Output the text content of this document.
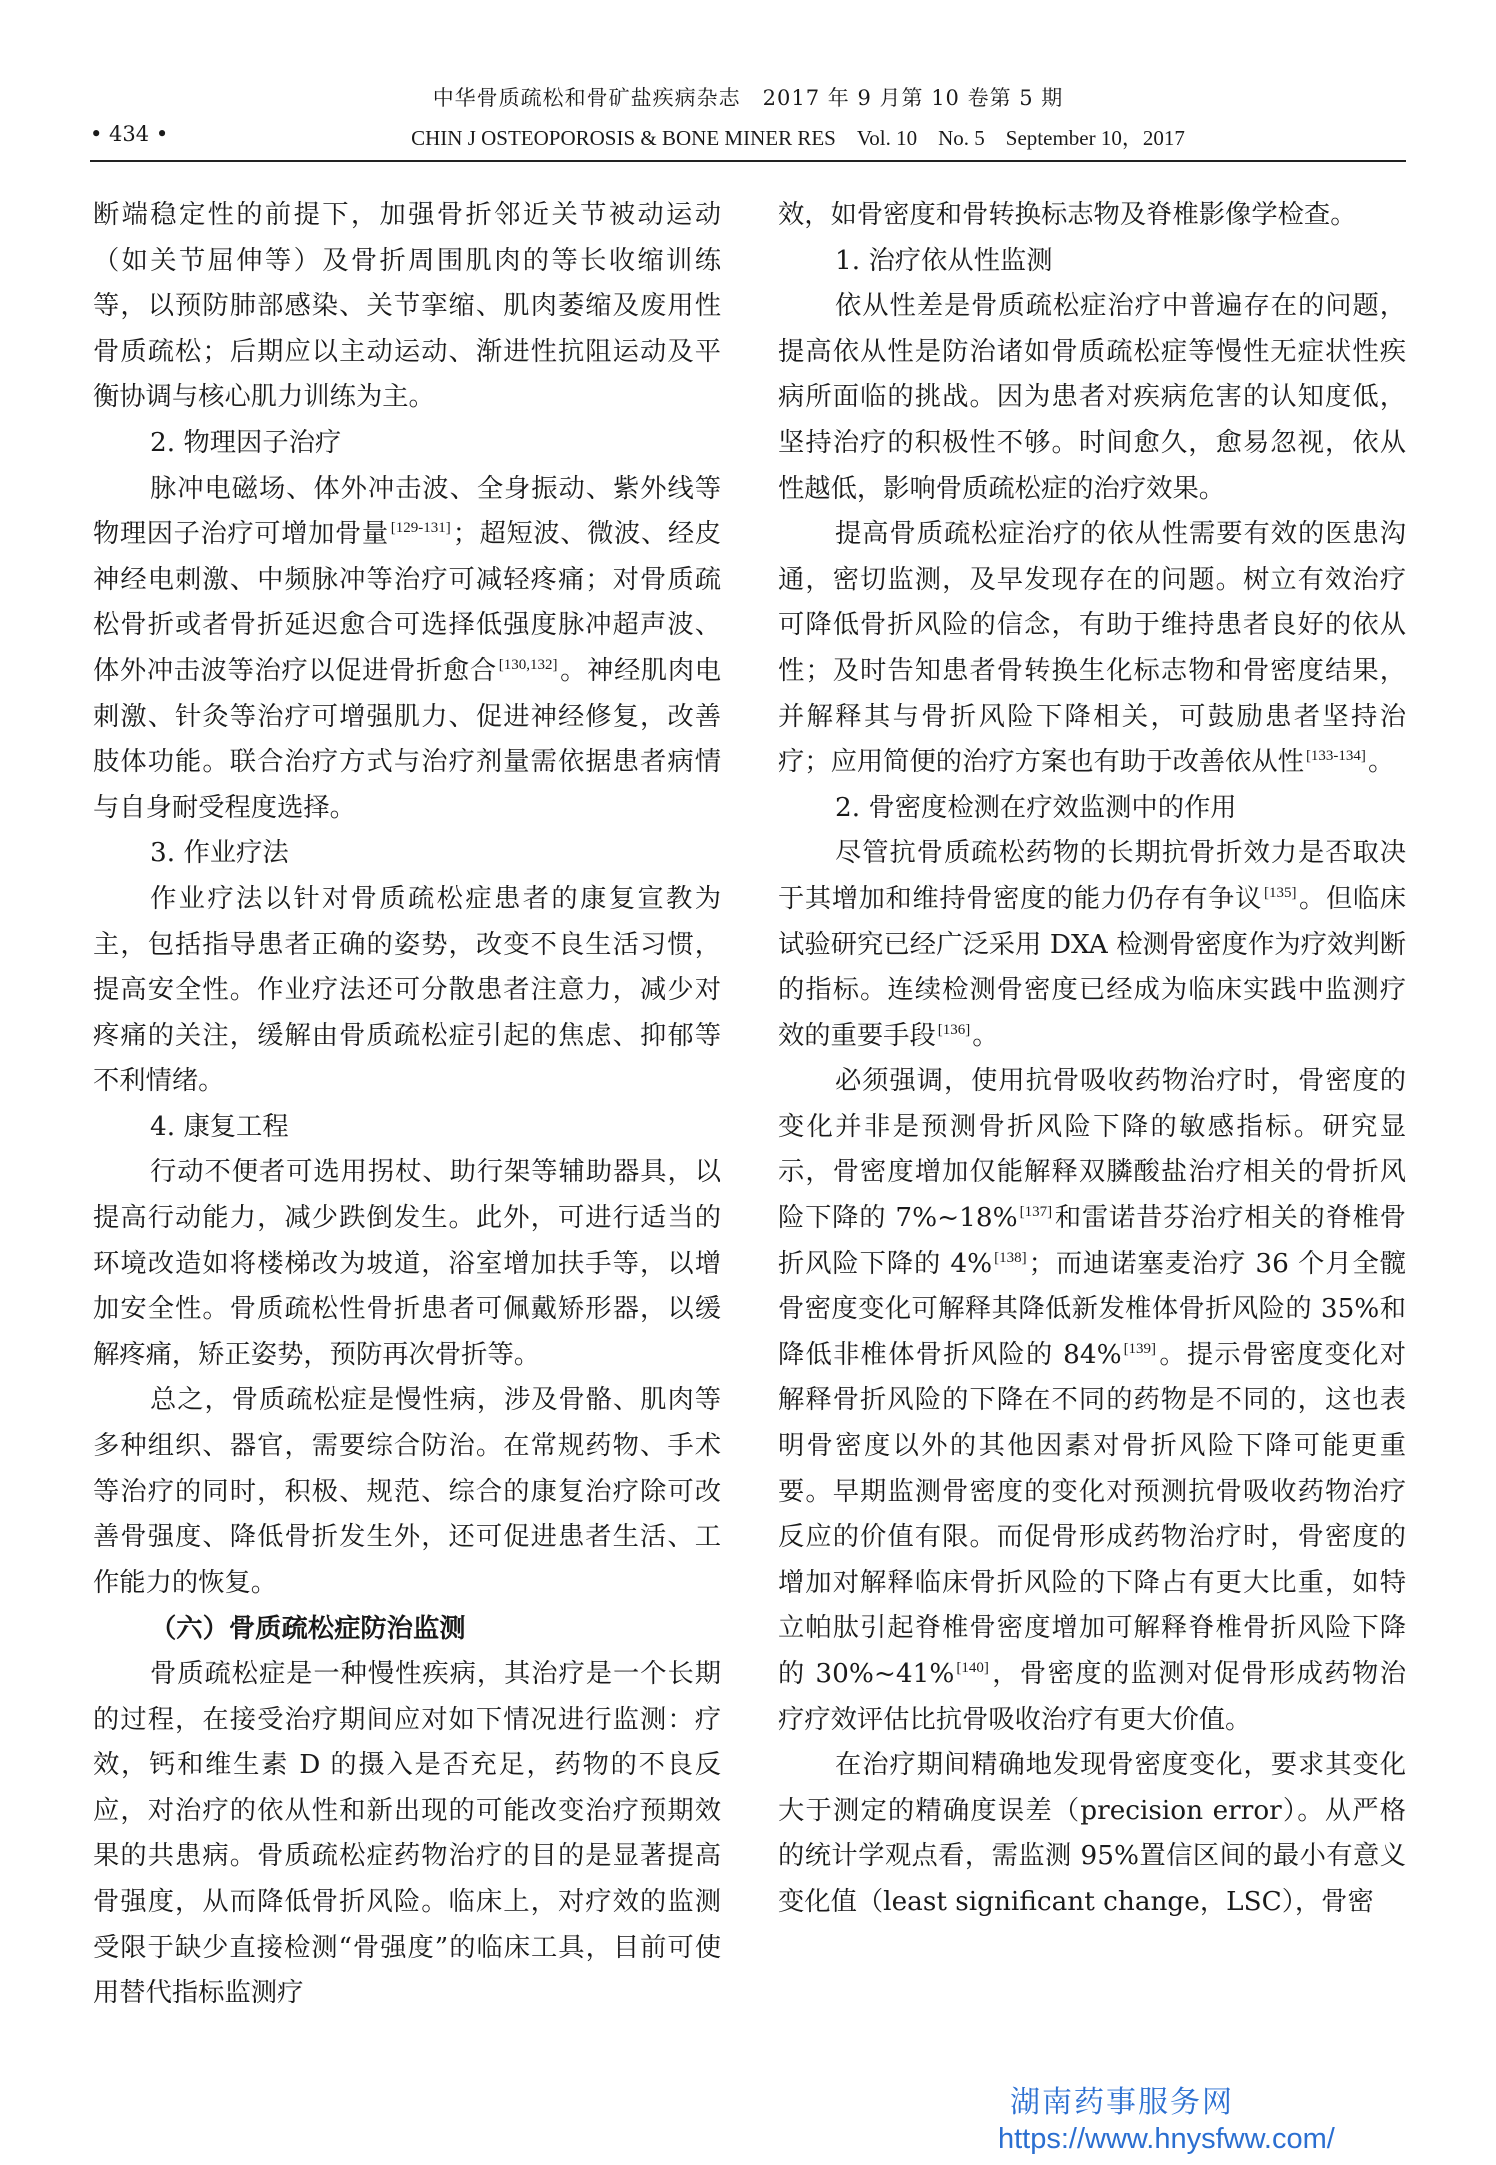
中华骨质疏松和骨矿盐疾病杂志　2017 年 9 月第 10 卷第 5 期
• 434 •	CHIN J OSTEOPOROSIS & BONE MINER RES　Vol. 10　No. 5　September 10，2017

断端稳定性的前提下，加强骨折邻近关节被动运动（如关节屈伸等）及骨折周围肌肉的等长收缩训练等，以预防肺部感染、关节挛缩、肌肉萎缩及废用性骨质疏松；后期应以主动运动、渐进性抗阻运动及平衡协调与核心肌力训练为主。

2. 物理因子治疗

脉冲电磁场、体外冲击波、全身振动、紫外线等物理因子治疗可增加骨量 [129-131]；超短波、微波、经皮神经电刺激、中频脉冲等治疗可减轻疼痛；对骨质疏松骨折或者骨折延迟愈合可选择低强度脉冲超声波、体外冲击波等治疗以促进骨折愈合 [130,132]。神经肌肉电刺激、针灸等治疗可增强肌力、促进神经修复，改善肢体功能。联合治疗方式与治疗剂量需依据患者病情与自身耐受程度选择。

3. 作业疗法

作业疗法以针对骨质疏松症患者的康复宣教为主，包括指导患者正确的姿势，改变不良生活习惯，提高安全性。作业疗法还可分散患者注意力，减少对疼痛的关注，缓解由骨质疏松症引起的焦虑、抑郁等不利情绪。

4. 康复工程

行动不便者可选用拐杖、助行架等辅助器具，以提高行动能力，减少跌倒发生。此外，可进行适当的环境改造如将楼梯改为坡道，浴室增加扶手等，以增加安全性。骨质疏松性骨折患者可佩戴矫形器，以缓解疼痛，矫正姿势，预防再次骨折等。

总之，骨质疏松症是慢性病，涉及骨骼、肌肉等多种组织、器官，需要综合防治。在常规药物、手术等治疗的同时，积极、规范、综合的康复治疗除可改善骨强度、降低骨折发生外，还可促进患者生活、工作能力的恢复。

（六）骨质疏松症防治监测

骨质疏松症是一种慢性疾病，其治疗是一个长期的过程，在接受治疗期间应对如下情况进行监测：疗效，钙和维生素 D 的摄入是否充足，药物的不良反应，对治疗的依从性和新出现的可能改变治疗预期效果的共患病。骨质疏松症药物治疗的目的是显著提高骨强度，从而降低骨折风险。临床上，对疗效的监测受限于缺少直接检测“骨强度”的临床工具，目前可使用替代指标监测疗

效，如骨密度和骨转换标志物及脊椎影像学检查。

1. 治疗依从性监测

依从性差是骨质疏松症治疗中普遍存在的问题，提高依从性是防治诸如骨质疏松症等慢性无症状性疾病所面临的挑战。因为患者对疾病危害的认知度低，坚持治疗的积极性不够。时间愈久，愈易忽视，依从性越低，影响骨质疏松症的治疗效果。

提高骨质疏松症治疗的依从性需要有效的医患沟通，密切监测，及早发现存在的问题。树立有效治疗可降低骨折风险的信念，有助于维持患者良好的依从性；及时告知患者骨转换生化标志物和骨密度结果，并解释其与骨折风险下降相关，可鼓励患者坚持治疗；应用简便的治疗方案也有助于改善依从性 [133-134]。

2. 骨密度检测在疗效监测中的作用

尽管抗骨质疏松药物的长期抗骨折效力是否取决于其增加和维持骨密度的能力仍存有争议 [135]。但临床试验研究已经广泛采用 DXA 检测骨密度作为疗效判断的指标。连续检测骨密度已经成为临床实践中监测疗效的重要手段 [136]。

必须强调，使用抗骨吸收药物治疗时，骨密度的变化并非是预测骨折风险下降的敏感指标。研究显示，骨密度增加仅能解释双膦酸盐治疗相关的骨折风险下降的 7%~18% [137]和雷诺昔芬治疗相关的脊椎骨折风险下降的 4% [138]；而迪诺塞麦治疗 36 个月全髋骨密度变化可解释其降低新发椎体骨折风险的 35%和降低非椎体骨折风险的 84% [139]。提示骨密度变化对解释骨折风险的下降在不同的药物是不同的，这也表明骨密度以外的其他因素对骨折风险下降可能更重要。早期监测骨密度的变化对预测抗骨吸收药物治疗反应的价值有限。而促骨形成药物治疗时，骨密度的增加对解释临床骨折风险的下降占有更大比重，如特立帕肽引起脊椎骨密度增加可解释脊椎骨折风险下降的 30%~41% [140]，骨密度的监测对促骨形成药物治疗疗效评估比抗骨吸收治疗有更大价值。

在治疗期间精确地发现骨密度变化，要求其变化大于测定的精确度误差（precision error）。从严格的统计学观点看，需监测 95%置信区间的最小有意义变化值（least significant change，LSC），骨密

湖南药事服务网
https://www.hnysfww.com/
